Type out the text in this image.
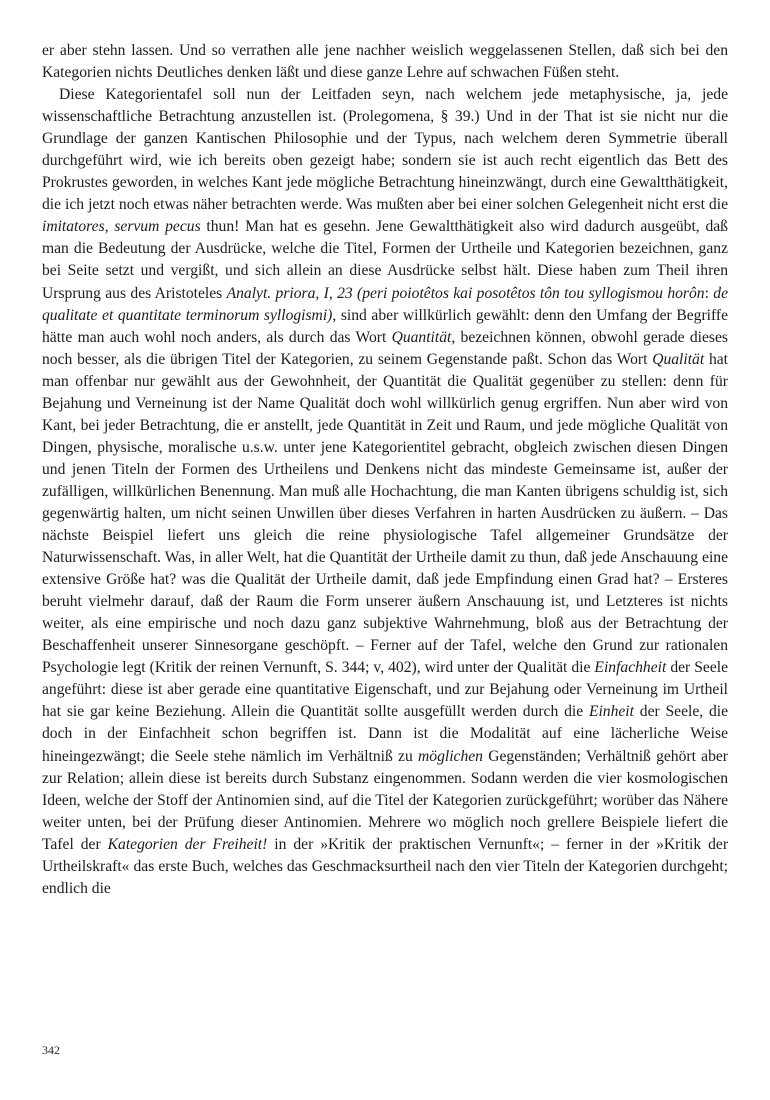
er aber stehn lassen. Und so verrathen alle jene nachher weislich weggelassenen Stellen, daß sich bei den Kategorien nichts Deutliches denken läßt und diese ganze Lehre auf schwachen Füßen steht.

Diese Kategorientafel soll nun der Leitfaden seyn, nach welchem jede metaphysische, ja, jede wissenschaftliche Betrachtung anzustellen ist. (Prolegomena, § 39.) Und in der That ist sie nicht nur die Grundlage der ganzen Kantischen Philosophie und der Typus, nach welchem deren Symmetrie überall durchgeführt wird, wie ich bereits oben gezeigt habe; sondern sie ist auch recht eigentlich das Bett des Prokrustes geworden, in welches Kant jede mögliche Betrachtung hineinzwängt, durch eine Gewaltthätigkeit, die ich jetzt noch etwas näher betrachten werde. Was mußten aber bei einer solchen Gelegenheit nicht erst die imitatores, servum pecus thun! Man hat es gesehn. Jene Gewaltthätigkeit also wird dadurch ausgeübt, daß man die Bedeutung der Ausdrücke, welche die Titel, Formen der Urtheile und Kategorien bezeichnen, ganz bei Seite setzt und vergißt, und sich allein an diese Ausdrücke selbst hält. Diese haben zum Theil ihren Ursprung aus des Aristoteles Analyt. priora, I, 23 (peri poiotêtos kai posotêtos tôn tou syllogismou horôn: de qualitate et quantitate terminorum syllogismi), sind aber willkürlich gewählt: denn den Umfang der Begriffe hätte man auch wohl noch anders, als durch das Wort Quantität, bezeichnen können, obwohl gerade dieses noch besser, als die übrigen Titel der Kategorien, zu seinem Gegenstande paßt. Schon das Wort Qualität hat man offenbar nur gewählt aus der Gewohnheit, der Quantität die Qualität gegenüber zu stellen: denn für Bejahung und Verneinung ist der Name Qualität doch wohl willkürlich genug ergriffen. Nun aber wird von Kant, bei jeder Betrachtung, die er anstellt, jede Quantität in Zeit und Raum, und jede mögliche Qualität von Dingen, physische, moralische u.s.w. unter jene Kategorientitel gebracht, obgleich zwischen diesen Dingen und jenen Titeln der Formen des Urtheilens und Denkens nicht das mindeste Gemeinsame ist, außer der zufälligen, willkürlichen Benennung. Man muß alle Hochachtung, die man Kanten übrigens schuldig ist, sich gegenwärtig halten, um nicht seinen Unwillen über dieses Verfahren in harten Ausdrücken zu äußern. – Das nächste Beispiel liefert uns gleich die reine physiologische Tafel allgemeiner Grundsätze der Naturwissenschaft. Was, in aller Welt, hat die Quantität der Urtheile damit zu thun, daß jede Anschauung eine extensive Größe hat? was die Qualität der Urtheile damit, daß jede Empfindung einen Grad hat? – Ersteres beruht vielmehr darauf, daß der Raum die Form unserer äußern Anschauung ist, und Letzteres ist nichts weiter, als eine empirische und noch dazu ganz subjektive Wahrnehmung, bloß aus der Betrachtung der Beschaffenheit unserer Sinnesorgane geschöpft. – Ferner auf der Tafel, welche den Grund zur rationalen Psychologie legt (Kritik der reinen Vernunft, S. 344; v, 402), wird unter der Qualität die Einfachheit der Seele angeführt: diese ist aber gerade eine quantitative Eigenschaft, und zur Bejahung oder Verneinung im Urtheil hat sie gar keine Beziehung. Allein die Quantität sollte ausgefüllt werden durch die Einheit der Seele, die doch in der Einfachheit schon begriffen ist. Dann ist die Modalität auf eine lächerliche Weise hineingezwängt; die Seele stehe nämlich im Verhältniß zu möglichen Gegenständen; Verhältniß gehört aber zur Relation; allein diese ist bereits durch Substanz eingenommen. Sodann werden die vier kosmologischen Ideen, welche der Stoff der Antinomien sind, auf die Titel der Kategorien zurückgeführt; worüber das Nähere weiter unten, bei der Prüfung dieser Antinomien. Mehrere wo möglich noch grellere Beispiele liefert die Tafel der Kategorien der Freiheit! in der »Kritik der praktischen Vernunft«; – ferner in der »Kritik der Urtheilskraft« das erste Buch, welches das Geschmacksurtheil nach den vier Titeln der Kategorien durchgeht; endlich die

342
